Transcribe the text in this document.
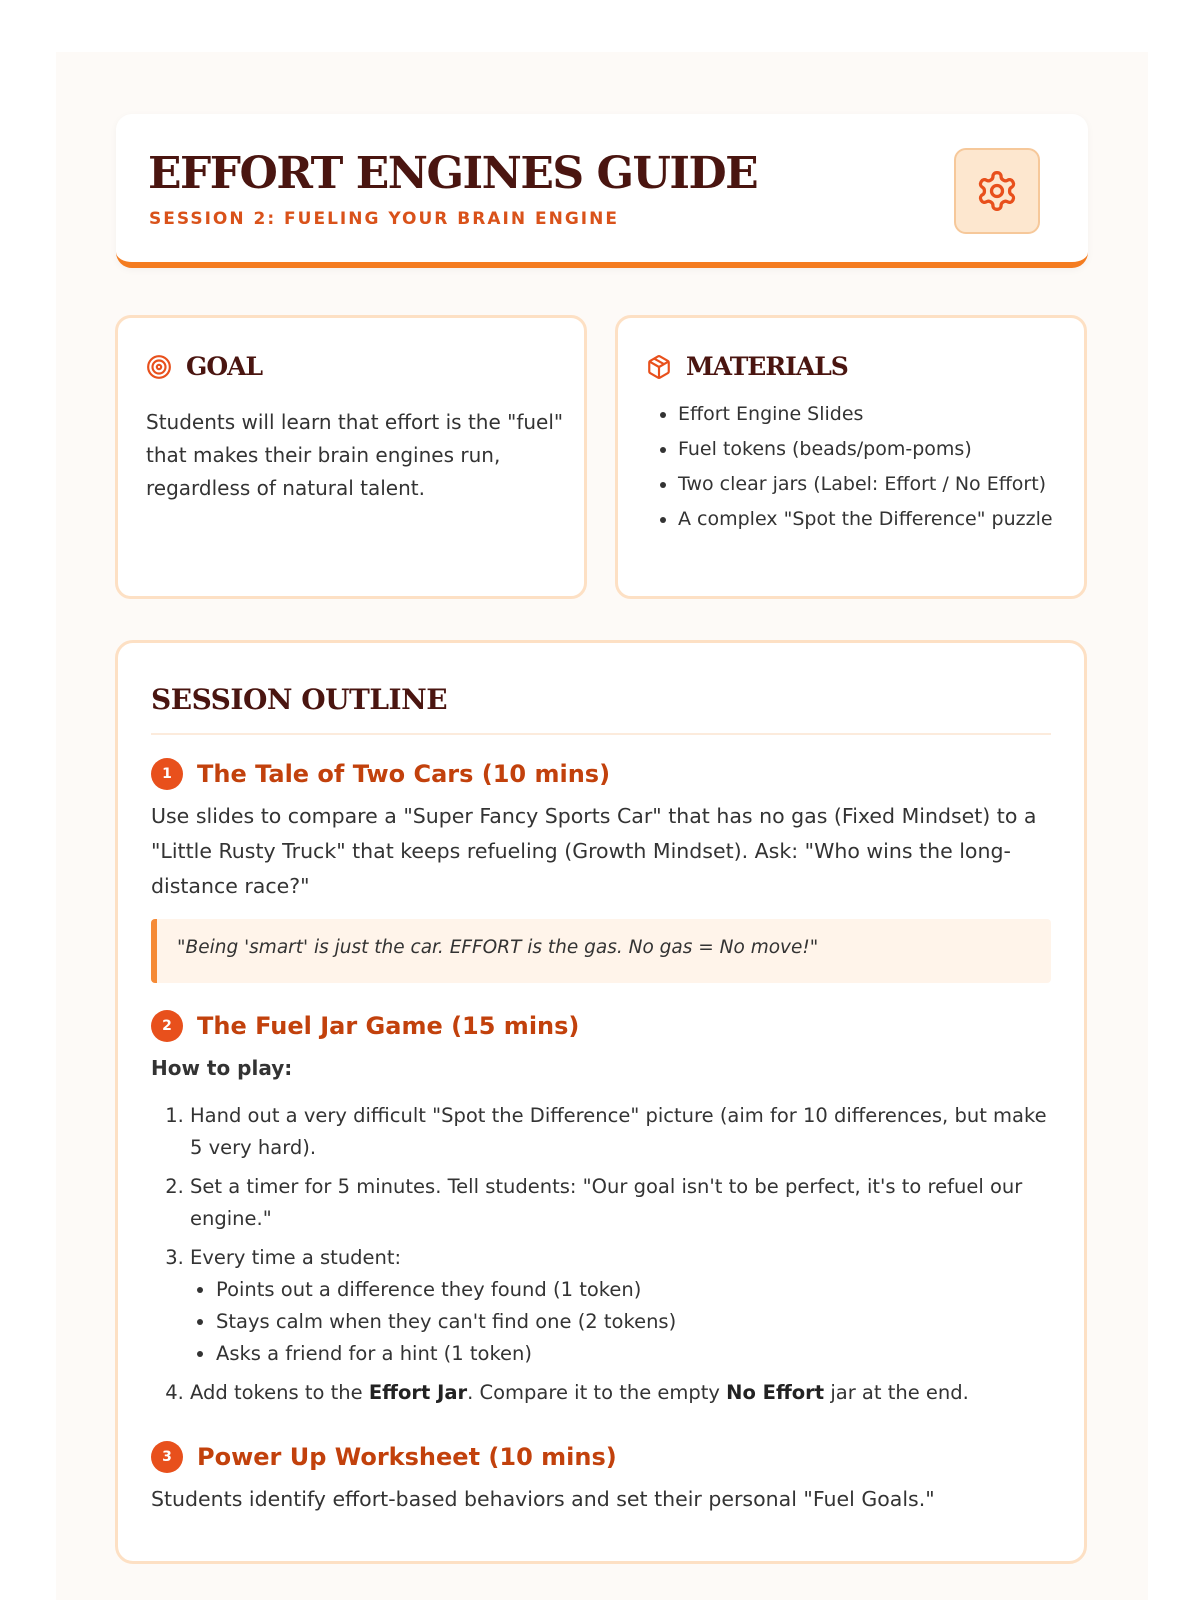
EFFORT ENGINES GUIDE
SESSION 2: FUELING YOUR BRAIN ENGINE
GOAL
Students will learn that effort is the "fuel" that makes their brain engines run, regardless of natural talent.
MATERIALS
• Effort Engine Slides
• Fuel tokens (beads/pom-poms)
• Two clear jars (Label: Effort / No Effort)
• A complex "Spot the Difference" puzzle
SESSION OUTLINE
1	The Tale of Two Cars (10 mins)
Use slides to compare a "Super Fancy Sports Car" that has no gas (Fixed Mindset) to a "Little Rusty Truck" that keeps refueling (Growth Mindset). Ask: "Who wins the long-distance race?"
"Being 'smart' is just the car. EFFORT is the gas. No gas = No move!"
2	The Fuel Jar Game (15 mins)
How to play:
1. Hand out a very difficult "Spot the Difference" picture (aim for 10 differences, but make 5 very hard).
2. Set a timer for 5 minutes. Tell students: "Our goal isn't to be perfect, it's to refuel our engine."
3. Every time a student:
• Points out a difference they found (1 token)
• Stays calm when they can't find one (2 tokens)
• Asks a friend for a hint (1 token)
4. Add tokens to the Effort Jar. Compare it to the empty No Effort jar at the end.
3	Power Up Worksheet (10 mins)
Students identify effort-based behaviors and set their personal "Fuel Goals."
